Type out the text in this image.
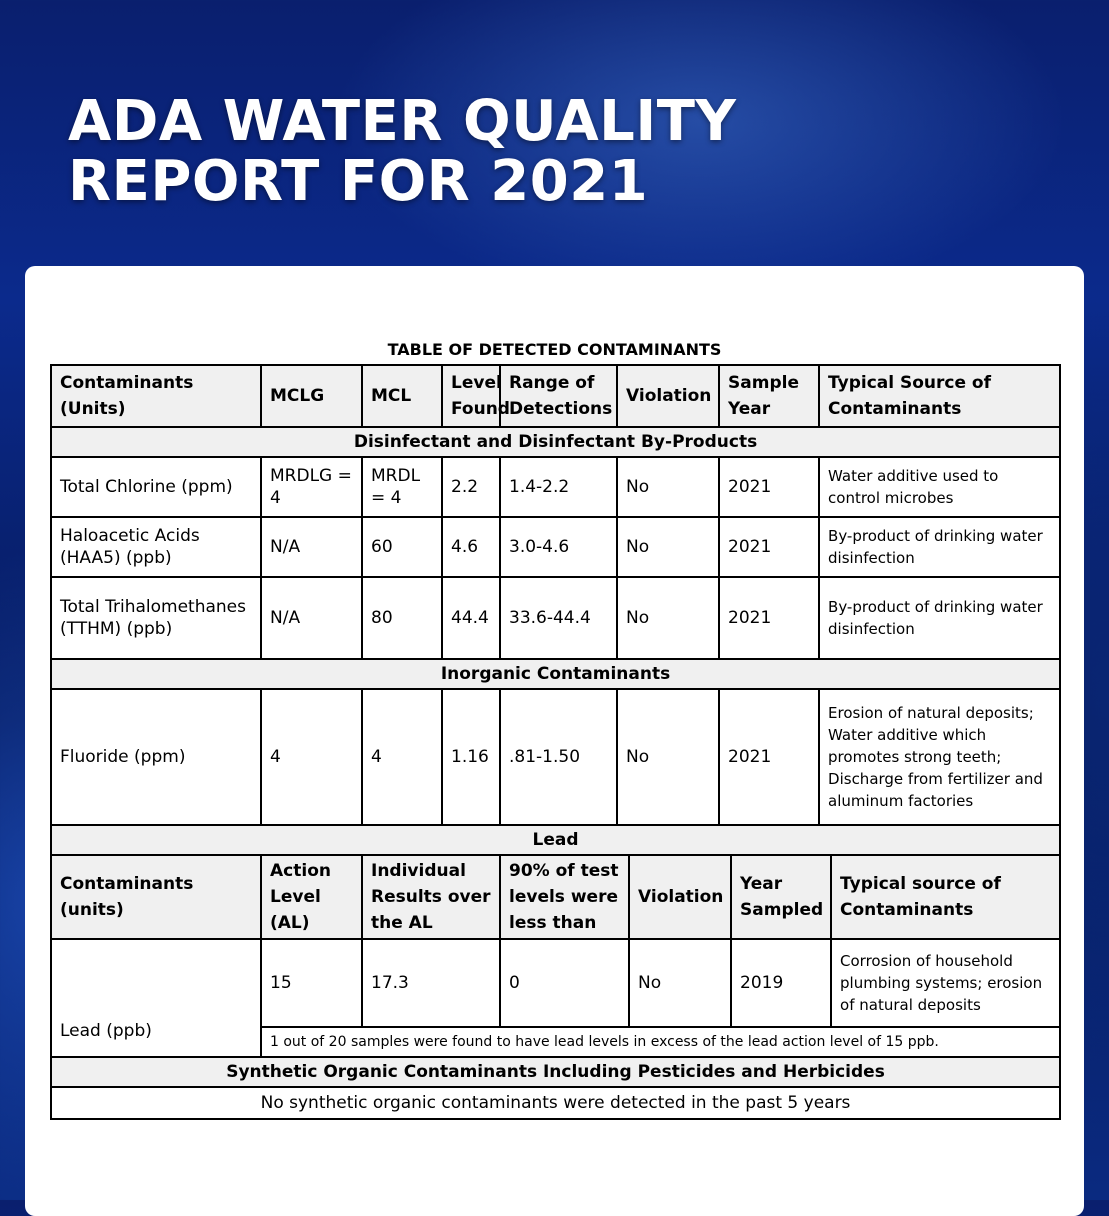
ADA WATER QUALITY
REPORT FOR 2021
TABLE OF DETECTED CONTAMINANTS
Contaminants (Units)	MCLG	MCL	Level Found	Range of Detections	Violation		Sample Year		Typical Source of Contaminants	
Disinfectant and Disinfectant By-Products										
Total Chlorine (ppm)	MRDLG = 4	MRDL = 4	2.2	1.4-2.2	No		2021		Water additive used to control microbes	
Haloacetic Acids (HAA5) (ppb)	N/A	60	4.6	3.0-4.6	No		2021		By-product of drinking water disinfection	
Total Trihalomethanes (TTHM) (ppb)	N/A	80	44.4	33.6-44.4	No		2021		By-product of drinking water disinfection	
Inorganic Contaminants										
Fluoride (ppm)	4	4	1.16	.81-1.50	No		2021		Erosion of natural deposits; Water additive which promotes strong teeth; Discharge from fertilizer and aluminum factories	
Lead										
Contaminants (units)	Action Level (AL)	Individual Results over the AL		90% of test levels were less than		Violation		Year Sampled		Typical source of Contaminants
Lead (ppb)	15	17.3		0		No		2019		Corrosion of household plumbing systems; erosion of natural deposits
	1 out of 20 samples were found to have lead levels in excess of the lead action level of 15 ppb.									
Synthetic Organic Contaminants Including Pesticides and Herbicides										
No synthetic organic contaminants were detected in the past 5 years										
